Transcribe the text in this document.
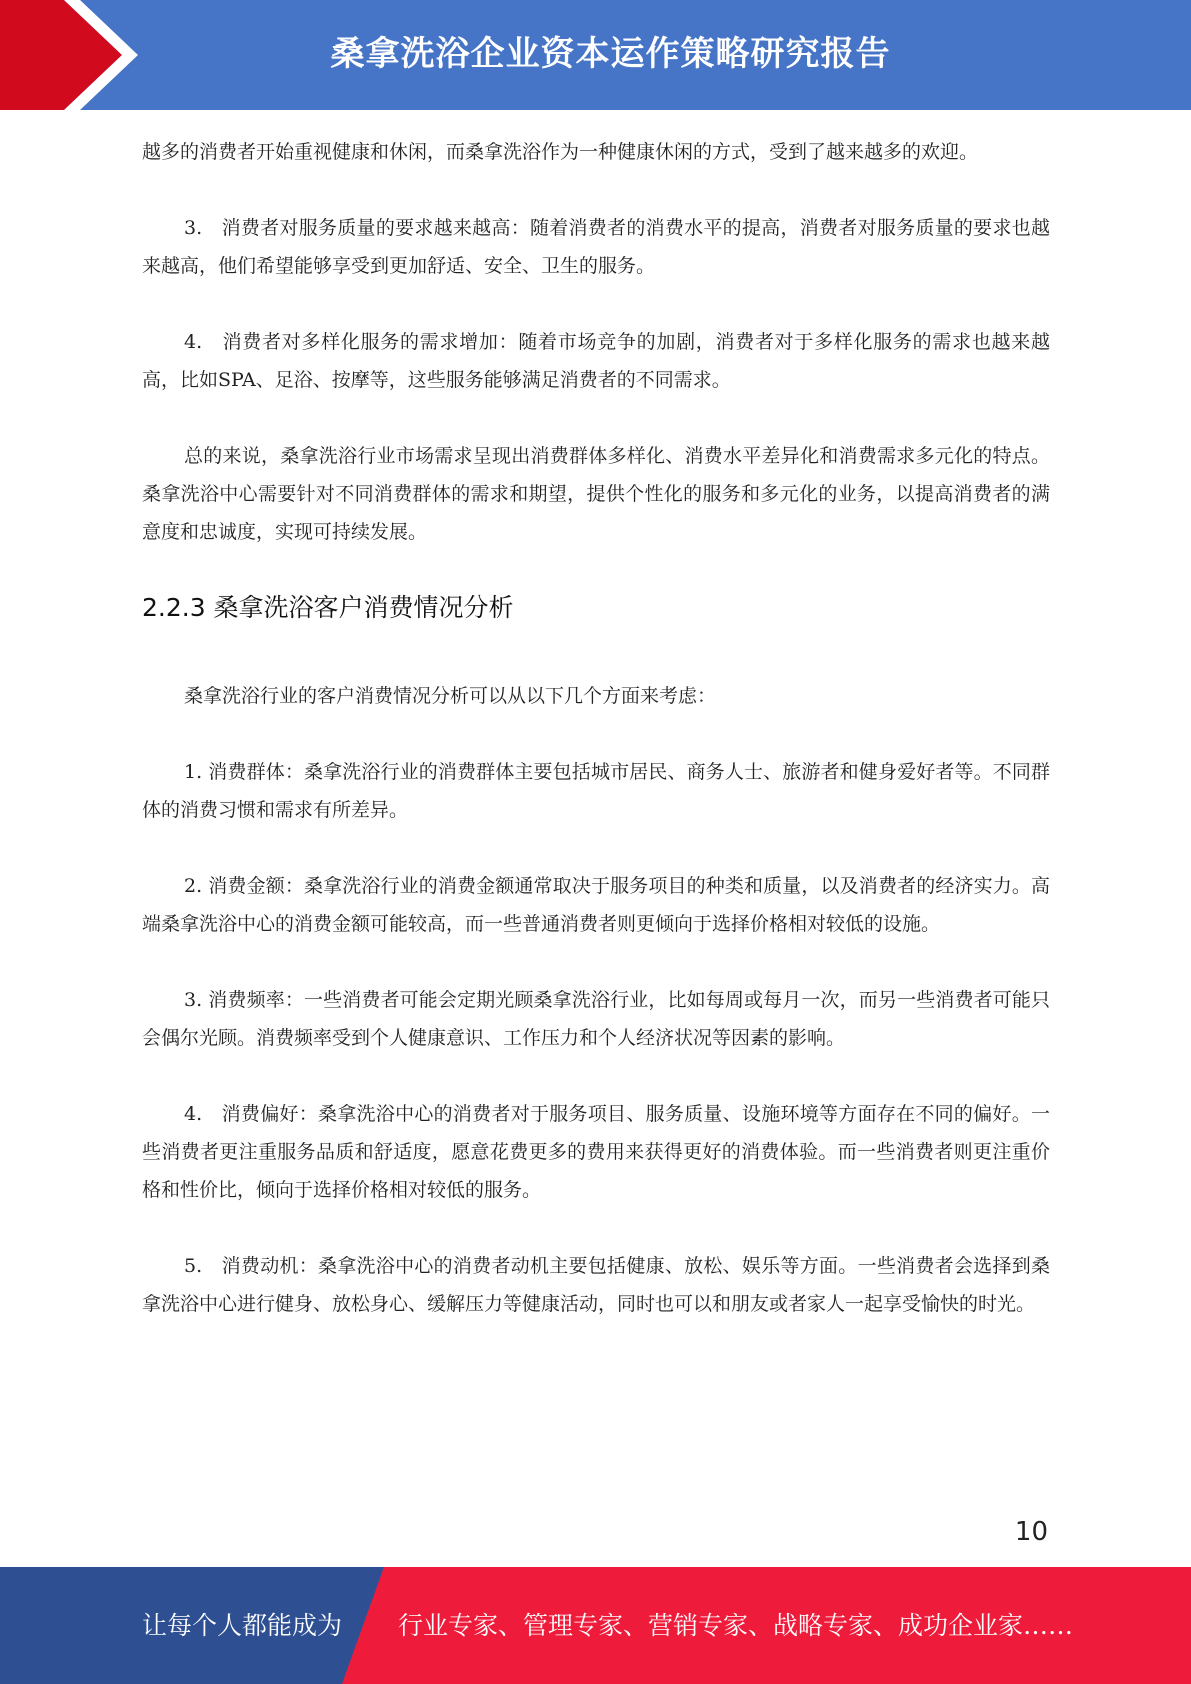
桑拿洗浴企业资本运作策略研究报告

越多的消费者开始重视健康和休闲，而桑拿洗浴作为一种健康休闲的方式，受到了越来越多的欢迎。

3.　消费者对服务质量的要求越来越高：随着消费者的消费水平的提高，消费者对服务质量的要求也越来越高，他们希望能够享受到更加舒适、安全、卫生的服务。

4.　消费者对多样化服务的需求增加：随着市场竞争的加剧，消费者对于多样化服务的需求也越来越高，比如SPA、足浴、按摩等，这些服务能够满足消费者的不同需求。

总的来说，桑拿洗浴行业市场需求呈现出消费群体多样化、消费水平差异化和消费需求多元化的特点。桑拿洗浴中心需要针对不同消费群体的需求和期望，提供个性化的服务和多元化的业务，以提高消费者的满意度和忠诚度，实现可持续发展。

2.2.3 桑拿洗浴客户消费情况分析

桑拿洗浴行业的客户消费情况分析可以从以下几个方面来考虑：

1. 消费群体：桑拿洗浴行业的消费群体主要包括城市居民、商务人士、旅游者和健身爱好者等。不同群体的消费习惯和需求有所差异。

2. 消费金额：桑拿洗浴行业的消费金额通常取决于服务项目的种类和质量，以及消费者的经济实力。高端桑拿洗浴中心的消费金额可能较高，而一些普通消费者则更倾向于选择价格相对较低的设施。

3. 消费频率：一些消费者可能会定期光顾桑拿洗浴行业，比如每周或每月一次，而另一些消费者可能只会偶尔光顾。消费频率受到个人健康意识、工作压力和个人经济状况等因素的影响。

4.　消费偏好：桑拿洗浴中心的消费者对于服务项目、服务质量、设施环境等方面存在不同的偏好。一些消费者更注重服务品质和舒适度，愿意花费更多的费用来获得更好的消费体验。而一些消费者则更注重价格和性价比，倾向于选择价格相对较低的服务。

5.　消费动机：桑拿洗浴中心的消费者动机主要包括健康、放松、娱乐等方面。一些消费者会选择到桑拿洗浴中心进行健身、放松身心、缓解压力等健康活动，同时也可以和朋友或者家人一起享受愉快的时光。

10
让每个人都能成为 行业专家、管理专家、营销专家、战略专家、成功企业家……
